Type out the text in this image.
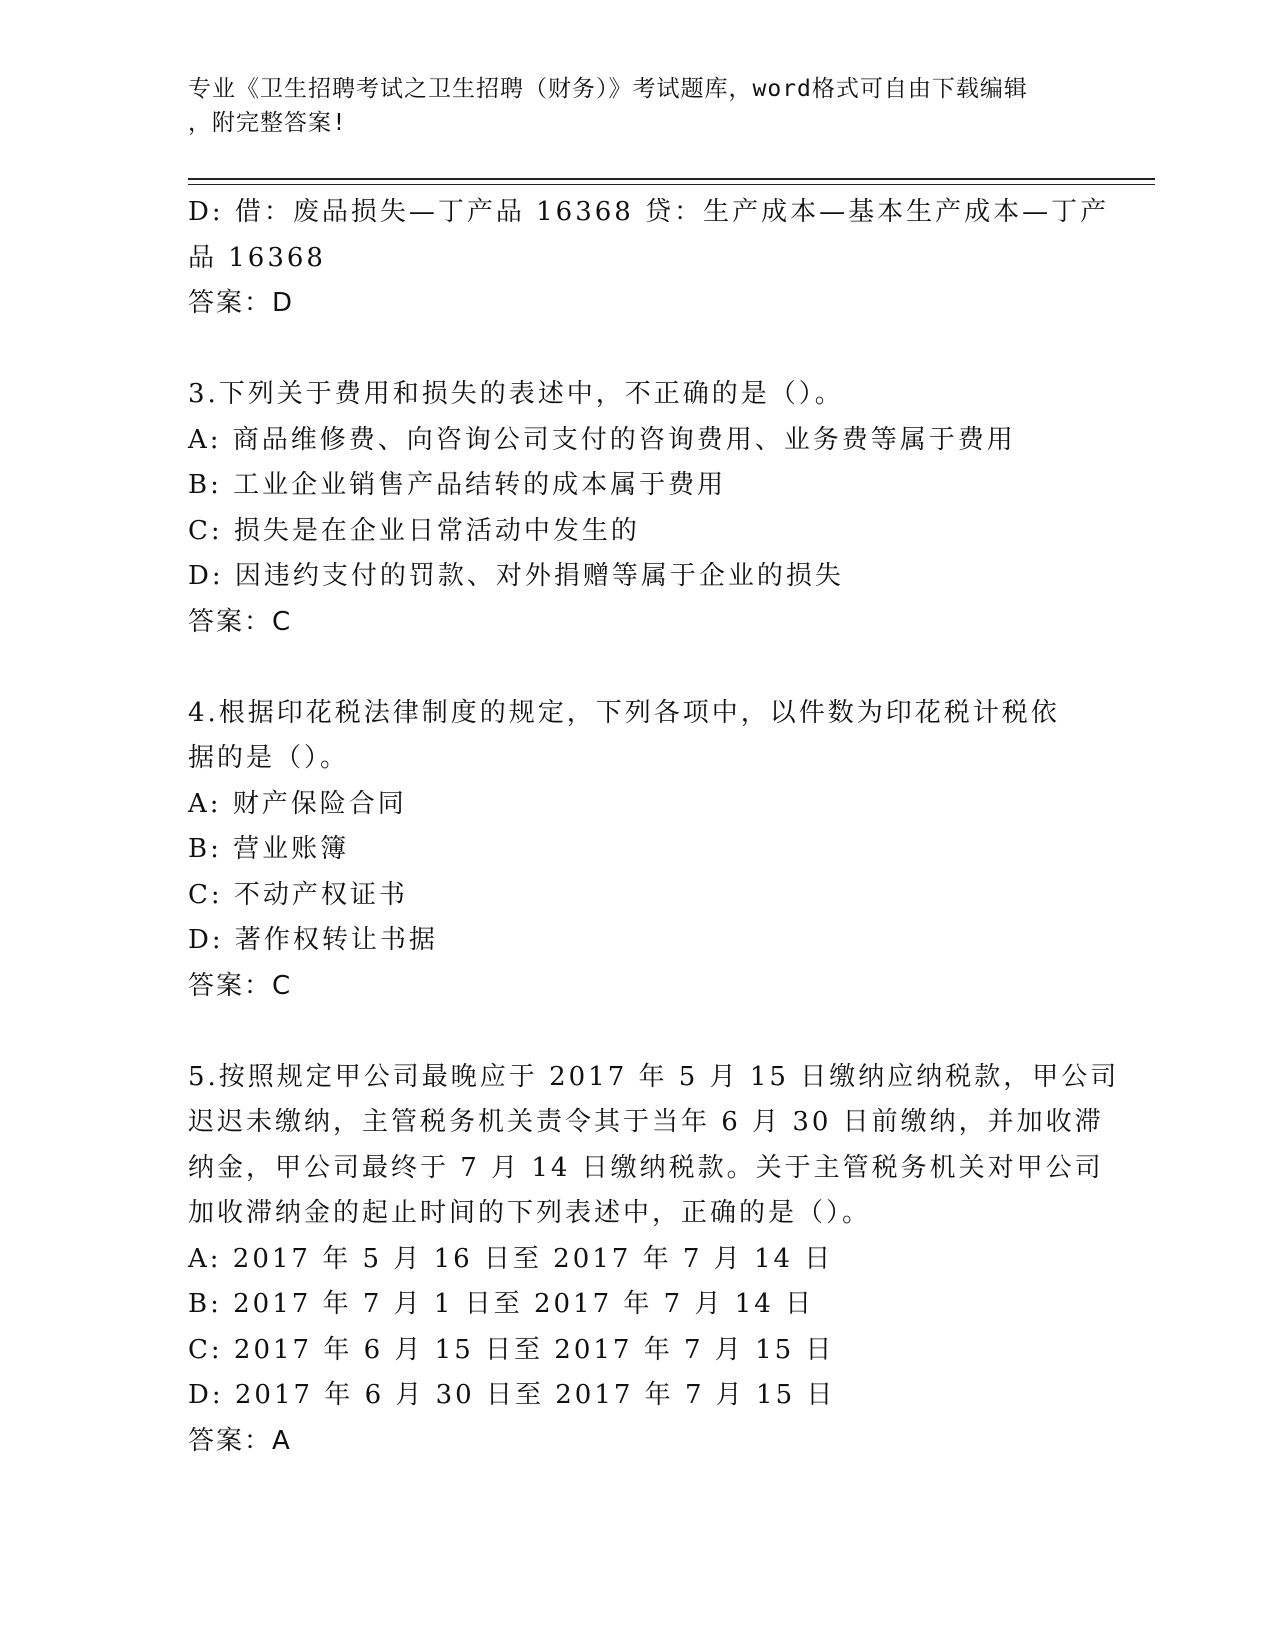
专业《卫生招聘考试之卫生招聘（财务）》考试题库，word格式可自由下载编辑
，附完整答案!
D: 借：废品损失—丁产品 16368 贷：生产成本—基本生产成本—丁产
品 16368
答案：D
3.下列关于费用和损失的表述中，不正确的是（）。
A: 商品维修费、向咨询公司支付的咨询费用、业务费等属于费用
B: 工业企业销售产品结转的成本属于费用
C: 损失是在企业日常活动中发生的
D: 因违约支付的罚款、对外捐赠等属于企业的损失
答案：C
4.根据印花税法律制度的规定，下列各项中，以件数为印花税计税依
据的是（）。
A: 财产保险合同
B: 营业账簿
C: 不动产权证书
D: 著作权转让书据
答案：C
5.按照规定甲公司最晚应于 2017 年 5 月 15 日缴纳应纳税款，甲公司
迟迟未缴纳，主管税务机关责令其于当年 6 月 30 日前缴纳，并加收滞
纳金，甲公司最终于 7 月 14 日缴纳税款。关于主管税务机关对甲公司
加收滞纳金的起止时间的下列表述中，正确的是（）。
A: 2017 年 5 月 16 日至 2017 年 7 月 14 日
B: 2017 年 7 月 1 日至 2017 年 7 月 14 日
C: 2017 年 6 月 15 日至 2017 年 7 月 15 日
D: 2017 年 6 月 30 日至 2017 年 7 月 15 日
答案：A
